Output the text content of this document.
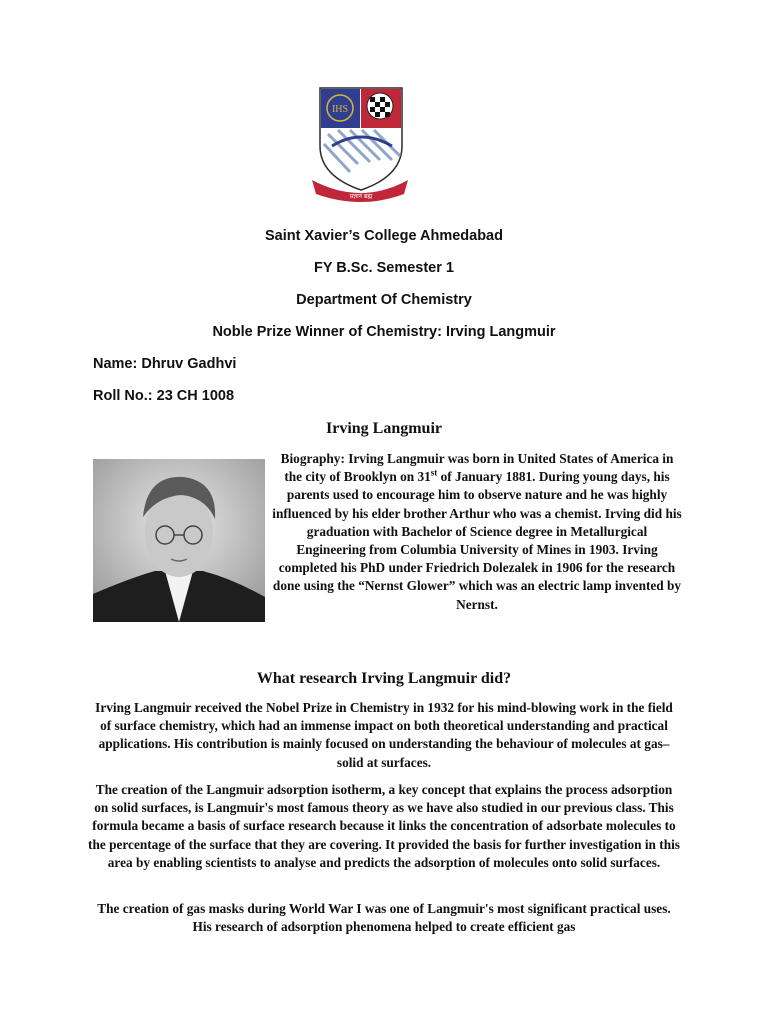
IHS
प्रज्ञानं ब्रह्म
Saint Xavier’s College Ahmedabad
FY B.Sc. Semester 1
Department Of Chemistry
Noble Prize Winner of Chemistry: Irving Langmuir
Name: Dhruv Gadhvi
Roll No.: 23 CH 1008
Irving Langmuir
Biography: Irving Langmuir was born in United States of America in the city of Brooklyn on 31st of January 1881. During young days, his parents used to encourage him to observe nature and he was highly influenced by his elder brother Arthur who was a chemist. Irving did his graduation with Bachelor of Science degree in Metallurgical Engineering from Columbia University of Mines in 1903. Irving completed his PhD under Friedrich Dolezalek in 1906 for the research done using the “Nernst Glower” which was an electric lamp invented by Nernst.
What research Irving Langmuir did?
Irving Langmuir received the Nobel Prize in Chemistry in 1932 for his mind-blowing work in the field of surface chemistry, which had an immense impact on both theoretical understanding and practical applications. His contribution is mainly focused on understanding the behaviour of molecules at gas–solid at surfaces.
The creation of the Langmuir adsorption isotherm, a key concept that explains the process adsorption on solid surfaces, is Langmuir's most famous theory as we have also studied in our previous class. This formula became a basis of surface research because it links the concentration of adsorbate molecules to the percentage of the surface that they are covering. It provided the basis for further investigation in this area by enabling scientists to analyse and predicts the adsorption of molecules onto solid surfaces.
The creation of gas masks during World War I was one of Langmuir's most significant practical uses. His research of adsorption phenomena helped to create efficient gas
